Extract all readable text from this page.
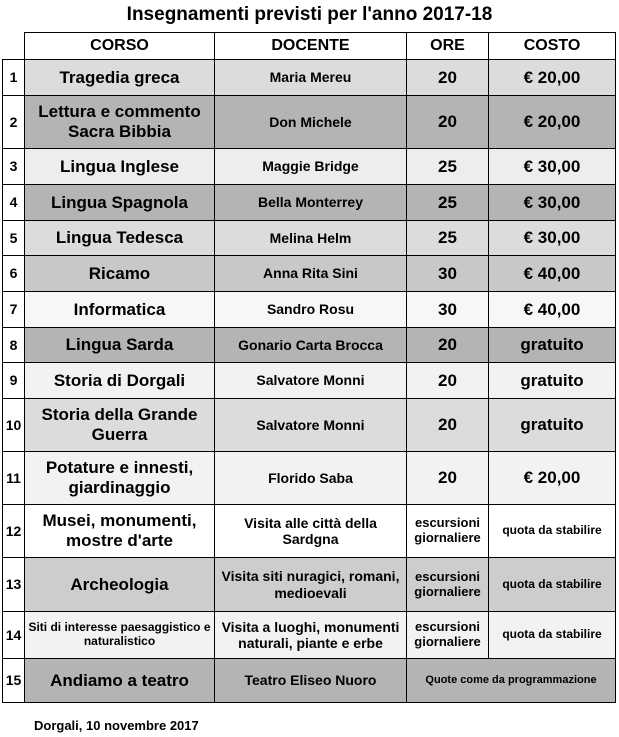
Insegnamenti previsti per l'anno 2017-18
	CORSO	DOCENTE	ORE	COSTO
1	Tragedia greca	Maria Mereu	20	€ 20,00
2	Lettura e commento Sacra Bibbia	Don Michele	20	€ 20,00
3	Lingua Inglese	Maggie Bridge	25	€ 30,00
4	Lingua Spagnola	Bella Monterrey	25	€ 30,00
5	Lingua Tedesca	Melina Helm	25	€ 30,00
6	Ricamo	Anna Rita Sini	30	€ 40,00
7	Informatica	Sandro Rosu	30	€ 40,00
8	Lingua Sarda	Gonario Carta Brocca	20	gratuito
9	Storia di Dorgali	Salvatore Monni	20	gratuito
10	Storia della Grande Guerra	Salvatore Monni	20	gratuito
11	Potature e innesti, giardinaggio	Florido Saba	20	€ 20,00
12	Musei, monumenti, mostre d'arte	Visita alle città della Sardgna	escursioni giornaliere	quota da stabilire
13	Archeologia	Visita siti nuragici, romani, medioevali	escursioni giornaliere	quota da stabilire
14	Siti di interesse paesaggistico e naturalistico	Visita a luoghi, monumenti naturali, piante e erbe	escursioni giornaliere	quota da stabilire
15	Andiamo a teatro	Teatro Eliseo Nuoro	Quote come da programmazione	
Dorgali, 10 novembre 2017
